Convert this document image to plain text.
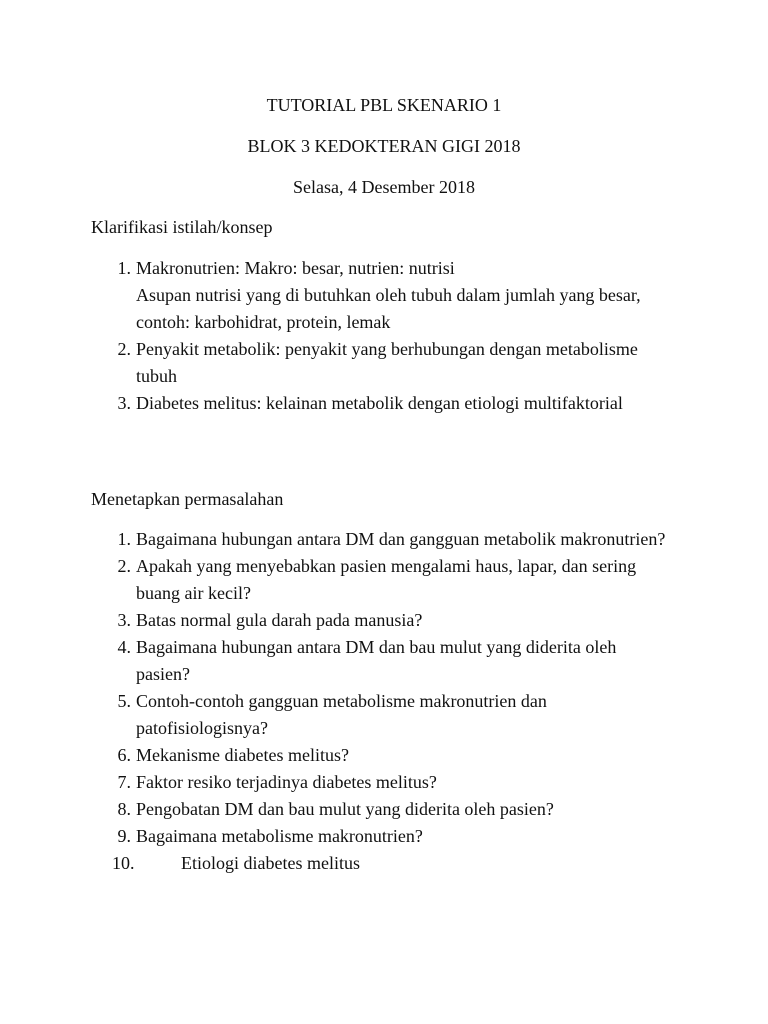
TUTORIAL PBL SKENARIO 1
BLOK 3 KEDOKTERAN GIGI 2018
Selasa, 4 Desember 2018
Klarifikasi istilah/konsep
1. Makronutrien: Makro: besar, nutrien: nutrisi
Asupan nutrisi yang di butuhkan oleh tubuh dalam jumlah yang besar, contoh: karbohidrat, protein, lemak
2. Penyakit metabolik: penyakit yang berhubungan dengan metabolisme tubuh
3. Diabetes melitus: kelainan metabolik dengan etiologi multifaktorial
Menetapkan permasalahan
1. Bagaimana hubungan antara DM dan gangguan metabolik makronutrien?
2. Apakah yang menyebabkan pasien mengalami haus, lapar, dan sering buang air kecil?
3. Batas normal gula darah pada manusia?
4. Bagaimana hubungan antara DM dan bau mulut yang diderita oleh pasien?
5. Contoh-contoh gangguan metabolisme makronutrien dan patofisiologisnya?
6. Mekanisme diabetes melitus?
7. Faktor resiko terjadinya diabetes melitus?
8. Pengobatan DM dan bau mulut yang diderita oleh pasien?
9. Bagaimana metabolisme makronutrien?
10.	Etiologi diabetes melitus
